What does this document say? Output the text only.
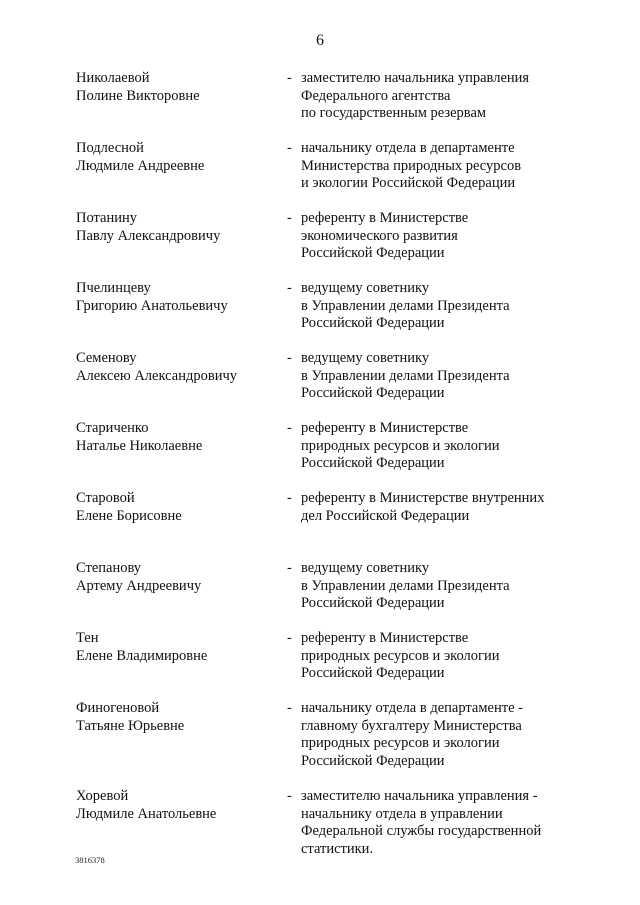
6
Николаевой
Полине Викторовне
- заместителю начальника управления
Федерального агентства
по государственным резервам
Подлесной
Людмиле Андреевне
- начальнику отдела в департаменте
Министерства природных ресурсов
и экологии Российской Федерации
Потанину
Павлу Александровичу
- референту в Министерстве
экономического развития
Российской Федерации
Пчелинцеву
Григорию Анатольевичу
- ведущему советнику
в Управлении делами Президента
Российской Федерации
Семенову
Алексею Александровичу
- ведущему советнику
в Управлении делами Президента
Российской Федерации
Стариченко
Наталье Николаевне
- референту в Министерстве
природных ресурсов и экологии
Российской Федерации
Старовой
Елене Борисовне
- референту в Министерстве внутренних
дел Российской Федерации
Степанову
Артему Андреевичу
- ведущему советнику
в Управлении делами Президента
Российской Федерации
Тен
Елене Владимировне
- референту в Министерстве
природных ресурсов и экологии
Российской Федерации
Финогеновой
Татьяне Юрьевне
- начальнику отдела в департаменте -
главному бухгалтеру Министерства
природных ресурсов и экологии
Российской Федерации
Хоревой
Людмиле Анатольевне
- заместителю начальника управления -
начальнику отдела в управлении
Федеральной службы государственной
статистики.
3816378
